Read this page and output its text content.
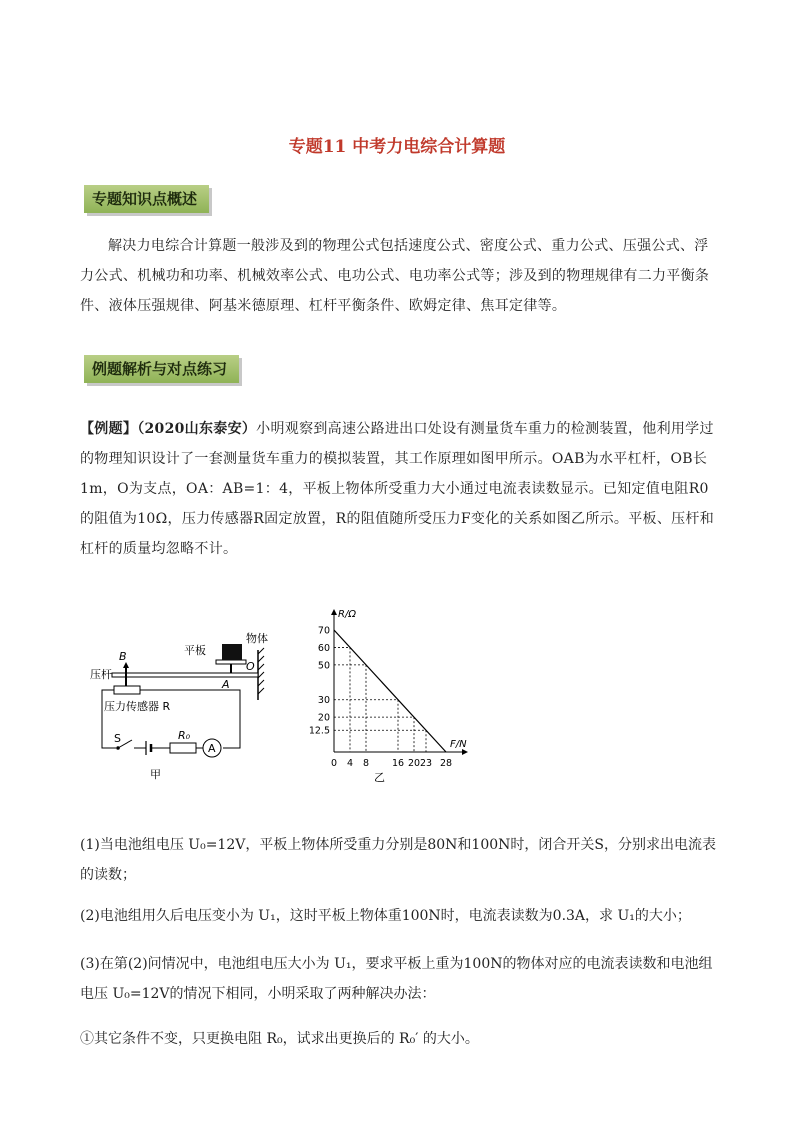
专题11 中考力电综合计算题
专题知识点概述
解决力电综合计算题一般涉及到的物理公式包括速度公式、密度公式、重力公式、压强公式、浮力公式、机械功和功率、机械效率公式、电功公式、电功率公式等；涉及到的物理规律有二力平衡条件、液体压强规律、阿基米德原理、杠杆平衡条件、欧姆定律、焦耳定律等。
例题解析与对点练习
【例题】（2020山东泰安）小明观察到高速公路进出口处设有测量货车重力的检测装置，他利用学过的物理知识设计了一套测量货车重力的模拟装置，其工作原理如图甲所示。OAB为水平杠杆，OB长1m，O为支点，OA：AB=1：4，平板上物体所受重力大小通过电流表读数显示。已知定值电阻R0的阻值为10Ω，压力传感器R固定放置，R的阻值随所受压力F变化的关系如图乙所示。平板、压杆和杠杆的质量均忽略不计。
平板
物体
压杆
B
O
A
压力传感器 R
S	R₀
A
甲
R/Ω
F/N
乙
12.5
20
30
50
60
70
0 4 8 16 20 23 28
(1)当电池组电压 U₀=12V，平板上物体所受重力分别是80N和100N时，闭合开关S，分别求出电流表的读数；
(2)电池组用久后电压变小为 U₁，这时平板上物体重100N时，电流表读数为0.3A，求 U₁的大小；
(3)在第(2)问情况中，电池组电压大小为 U₁，要求平板上重为100N的物体对应的电流表读数和电池组电压 U₀=12V的情况下相同，小明采取了两种解决办法：
①其它条件不变，只更换电阻 R₀，试求出更换后的 R₀′ 的大小。
